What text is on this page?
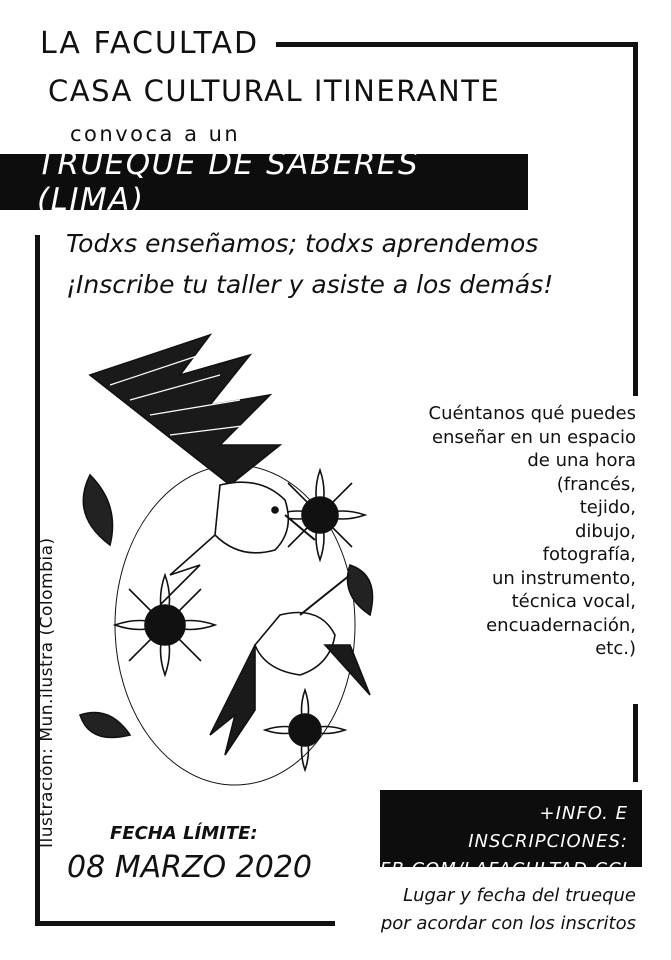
LA FACULTAD
CASA CULTURAL ITINERANTE
convoca a un
TRUEQUE DE SABERES (LIMA)
Todxs enseñamos; todxs aprendemos
¡Inscribe tu taller y asiste a los demás!
Cuéntanos qué puedes
enseñar en un espacio
de una hora
(francés,
tejido,
dibujo,
fotografía,
un instrumento,
técnica vocal,
encuadernación,
etc.)
+INFO. E INSCRIPCIONES:
FB.COM/LAFACULTAD.CCI
FECHA LÍMITE:
08 MARZO 2020
Lugar y fecha del trueque
por acordar con los inscritos
Ilustración: Mun.ilustra (Colombia)
